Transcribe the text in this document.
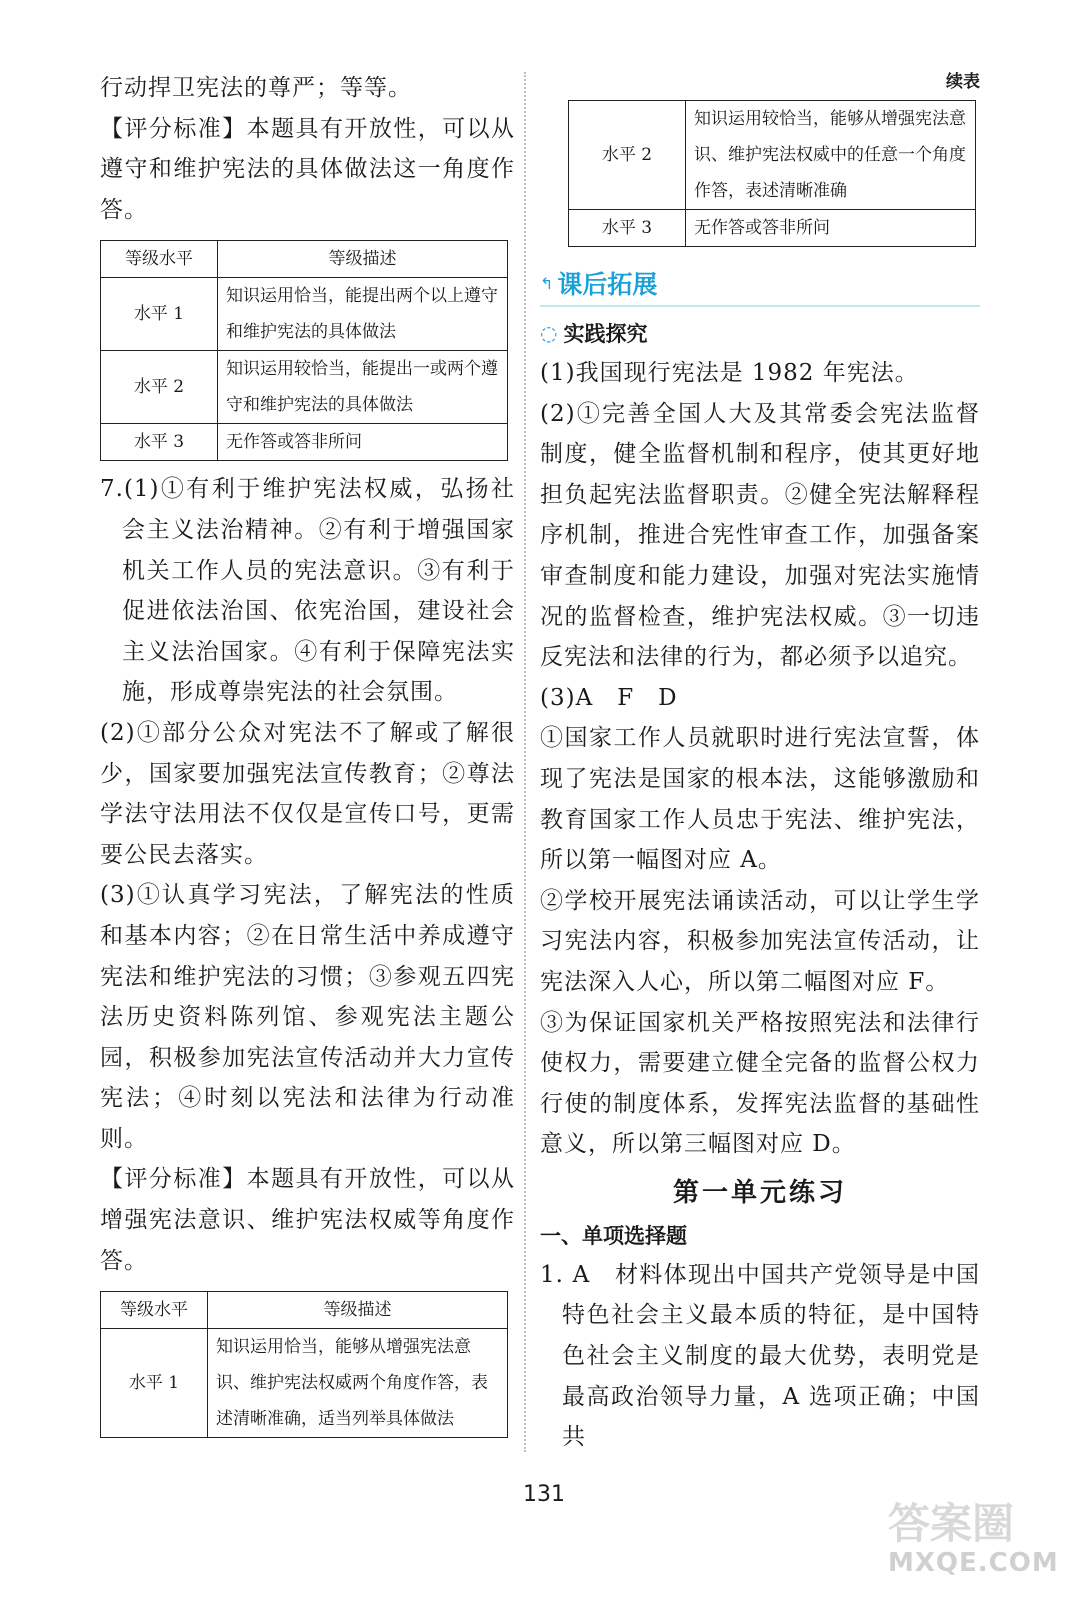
行动捍卫宪法的尊严；等等。

【评分标准】本题具有开放性，可以从遵守和维护宪法的具体做法这一角度作答。

等级水平	等级描述
水平 1	知识运用恰当，能提出两个以上遵守和维护宪法的具体做法
水平 2	知识运用较恰当，能提出一或两个遵守和维护宪法的具体做法
水平 3	无作答或答非所问

7.(1)①有利于维护宪法权威，弘扬社会主义法治精神。②有利于增强国家机关工作人员的宪法意识。③有利于促进依法治国、依宪治国，建设社会主义法治国家。④有利于保障宪法实施，形成尊崇宪法的社会氛围。

(2)①部分公众对宪法不了解或了解很少，国家要加强宪法宣传教育；②尊法学法守法用法不仅仅是宣传口号，更需要公民去落实。

(3)①认真学习宪法，了解宪法的性质和基本内容；②在日常生活中养成遵守宪法和维护宪法的习惯；③参观五四宪法历史资料陈列馆、参观宪法主题公园，积极参加宪法宣传活动并大力宣传宪法；④时刻以宪法和法律为行动准则。

【评分标准】本题具有开放性，可以从增强宪法意识、维护宪法权威等角度作答。

等级水平	等级描述
水平 1	知识运用恰当，能够从增强宪法意识、维护宪法权威两个角度作答，表述清晰准确，适当列举具体做法
续表
水平 2	知识运用较恰当，能够从增强宪法意识、维护宪法权威中的任意一个角度作答，表述清晰准确
水平 3	无作答或答非所问
↰ 课后拓展
◌ 实践探究

(1)我国现行宪法是 1982 年宪法。

(2)①完善全国人大及其常委会宪法监督制度，健全监督机制和程序，使其更好地担负起宪法监督职责。②健全宪法解释程序机制，推进合宪性审查工作，加强备案审查制度和能力建设，加强对宪法实施情况的监督检查，维护宪法权威。③一切违反宪法和法律的行为，都必须予以追究。

(3)A　F　D

①国家工作人员就职时进行宪法宣誓，体现了宪法是国家的根本法，这能够激励和教育国家工作人员忠于宪法、维护宪法，所以第一幅图对应 A。

②学校开展宪法诵读活动，可以让学生学习宪法内容，积极参加宪法宣传活动，让宪法深入人心，所以第二幅图对应 F。

③为保证国家机关严格按照宪法和法律行使权力，需要建立健全完备的监督公权力行使的制度体系，发挥宪法监督的基础性意义，所以第三幅图对应 D。

第一单元练习
一、单项选择题

1. A　材料体现出中国共产党领导是中国特色社会主义最本质的特征，是中国特色社会主义制度的最大优势，表明党是最高政治领导力量，A 选项正确；中国共

131
答案圈
MXQE.COM
